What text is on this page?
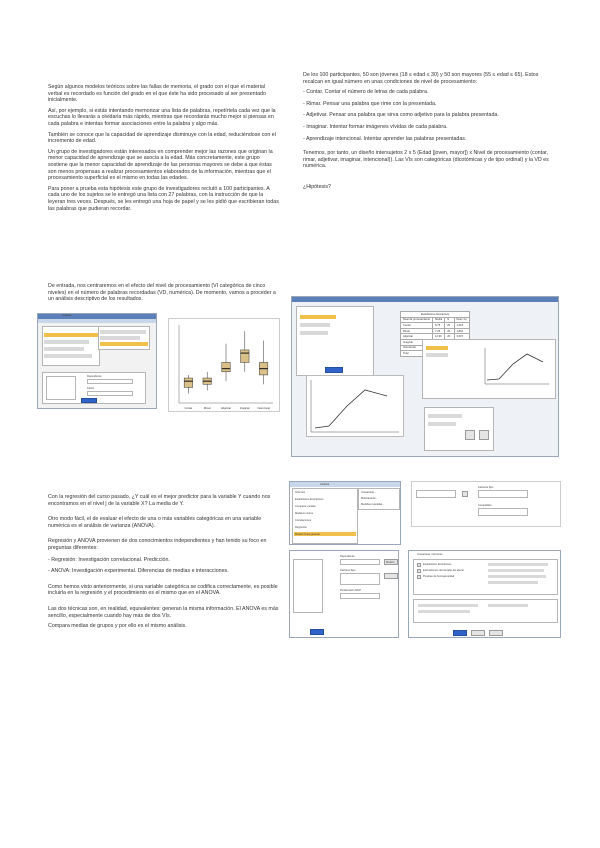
Según algunos modelos teóricos sobre las fallas de memoria, el grado con el que el material verbal es recordado es función del grado en el que éste ha sido procesado al ser presentado inicialmente.

Así, por ejemplo, si estás intentando memorizar una lista de palabras, repetírtela cada vez que la escuchas lo llevarás a olvidarla más rápido, mientras que recordarás mucho mejor si piensas en cada palabra e intentas formar asociaciones entre la palabra y algo más.

También se conoce que la capacidad de aprendizaje disminuye con la edad, reduciéndose con el incremento de edad.

Un grupo de investigadores están interesados en comprender mejor las razones que originan la menor capacidad de aprendizaje que se asocia a la edad. Más concretamente, este grupo sostiene que la menor capacidad de aprendizaje de las personas mayores se debe a que éstas son menos propensas a realizar procesamientos elaborados de la información, mientras que el procesamiento superficial es el mismo en todas las edades.

Para poner a prueba esta hipótesis este grupo de investigadores reclutó a 100 participantes. A cada uno de los sujetos se le entregó una lista con 27 palabras, con la instrucción de que la leyeran tres veces. Después, se les entregó una hoja de papel y se les pidió que escribieran todas las palabras que pudieran recordar.

De los 100 participantes, 50 son jóvenes (18 ≤ edad ≤ 30) y 50 son mayores (55 ≤ edad ≤ 65). Estos recalcan en igual número en unas condiciones de nivel de procesamiento:

- Contar. Contar el número de letras de cada palabra.
- Rimar. Pensar una palabra que rime con la presentada.
- Adjetivar. Pensar una palabra que sirva como adjetivo para la palabra presentada.
- Imaginar. Intentar formar imágenes vívidas de cada palabra.
- Aprendizaje intencional. Intentar aprender las palabras presentadas.

Tenemos, por tanto, un diseño intersujetos 2 x 5 (Edad [joven, mayor]) x Nivel de procesamiento (contar, rimar, adjetivar, imaginar, intencional)). Las VIs son categóricas (dicotómicas y de tipo ordinal) y la VD es numérica.

¿Hipótesis?

De entrada, nos centraremos en el efecto del nivel de procesamiento (VI categórica de cinco niveles) en el número de palabras recordadas (VD, numérica). De momento, vamos a proceder a un análisis descriptivo de los resultados.

Analizar
Dependiente
Factor
Contar	Rimar	Adjetivar	Imaginar	Intencional
Estadísticos descriptivos			
Nivel de procesamiento	Media	N	Desv. típ.
Contar	6,75	20	1,618
Rimar	7,25	20	1,832
Adjetivar	12,90	20	3,697
Imaginar			
Intencional			
Total			

Con la regresión del curso pasado, ¿Y cuál es el mejor predictor para la variable Y cuando nos encontramos en el nivel j de la variable X? La media de Y.

Otro modo fácil, el de evaluar el efecto de una o más variables categóricas en una variable numérica es el análisis de varianza (ANOVA).

Regresión y ANOVA provienen de dos conocimientos independientes y han tenido su foco en preguntas diferentes:

- Regresión: Investigación correlacional. Predicción.

- ANOVA: Investigación experimental. Diferencias de medias e interacciones.

Como hemos visto anteriormente, si una variable categórica se codifica correctamente, es posible incluirla en la regresión y el procedimiento es el mismo que en el ANOVA.

Las dos técnicas son, en realidad, equivalentes: generan la misma información. El ANOVA es más sencillo, especialmente cuando hay más de dos VIs.

Compara medias de grupos y por ello es el mismo análisis.

Analizar
Informes
Estadísticos descriptivos
Comparar medias
Modelo lineal general
Modelos mixtos
Correlaciones
Regresión
Univariante...
Multivariante...
Medidas repetidas...
Factores fijos
Covariables
Dependiente
Factores fijos
Ponderación MCP
Modelo
Univariante: Opciones
Estadísticos descriptivos
Estimaciones del tamaño del efecto
Pruebas de homogeneidad
